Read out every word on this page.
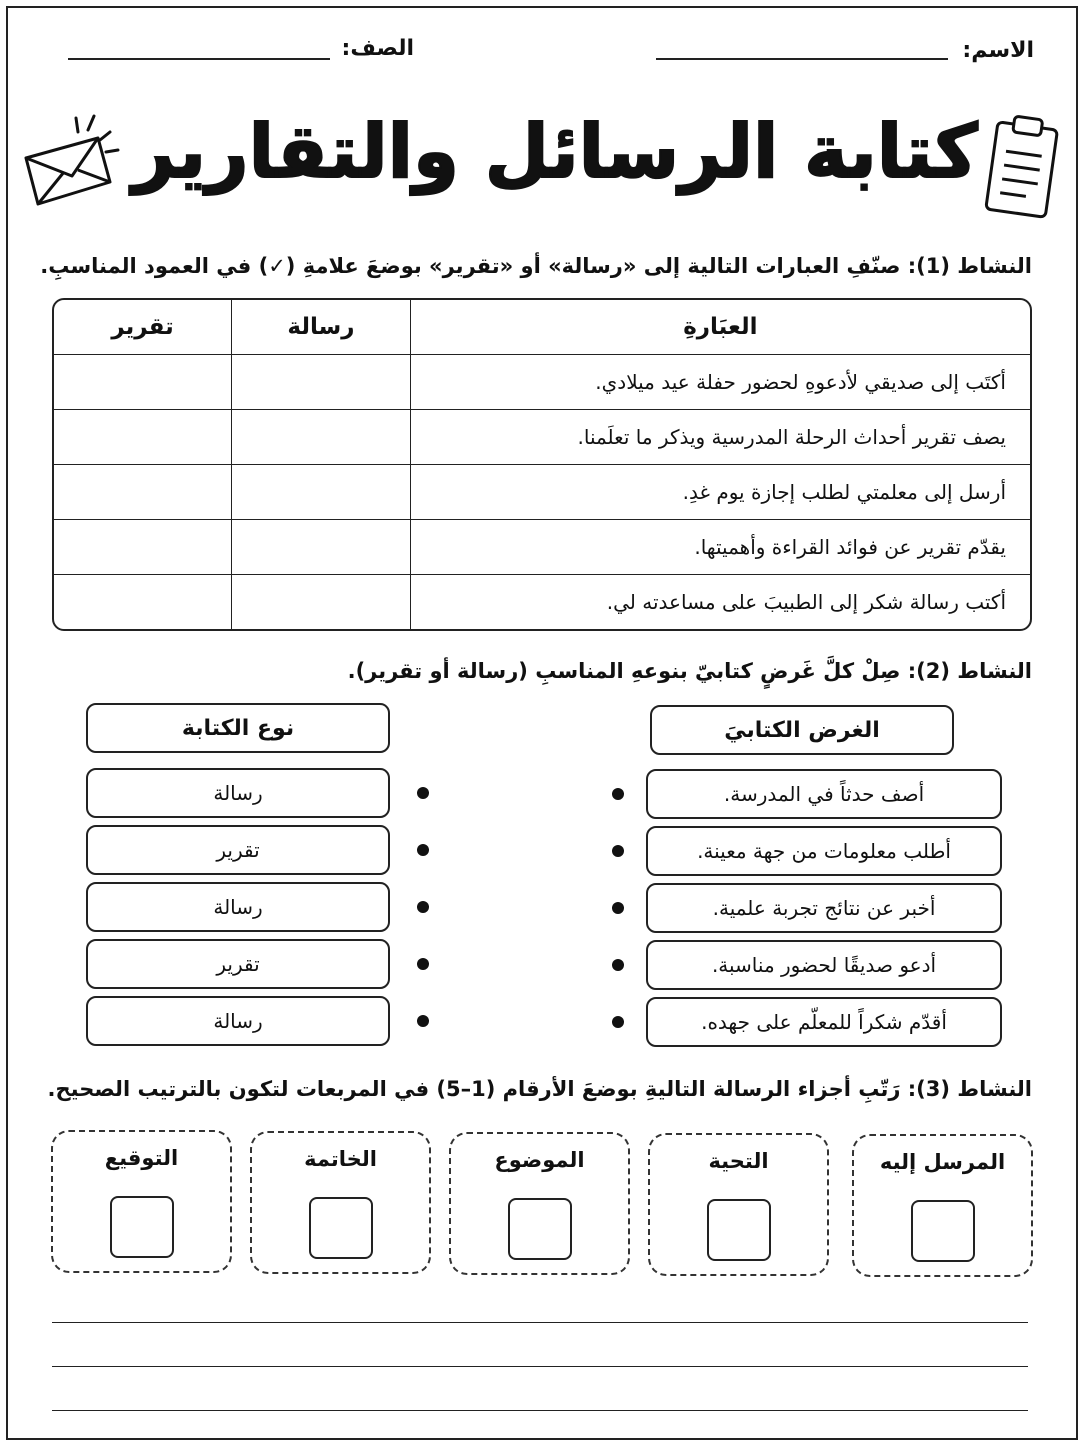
الاسم:
الصف:
كتابة الرسائل والتقارير
النشاط (1): صنّفِ العبارات التالية إلى «رسالة» أو «تقرير» بوضعَ علامةِ (✓) في العمود المناسبِ.
العبَارةِ	رسالة	تقرير
أكتَب إلى صديقي لأدعوهِ لحضور حفلة عيد ميلادي.		
يصف تقرير أحداث الرحلة المدرسية ويذكر ما تعلَمنا.		
أرسل إلى معلمتي لطلب إجازة يوم غدِ.		
يقدّم تقرير عن فوائد القراءة وأهميتها.		
أكتب رسالة شكر إلى الطبيبَ على مساعدته لي.		
النشاط (2): صِلْ كلَّ غَرضٍ كتابيّ بنوعهِ المناسبِ (رسالة أو تقرير).
الغرض الكتابيَ
نوع الكتابة
أصف حدثاً في المدرسة.
أطلب معلومات من جهة معينة.
أخبر عن نتائج تجربة علمية.
أدعو صديقًا لحضور مناسبة.
أقدّم شكراً للمعلّم على جهده.
رسالة
تقرير
رسالة
تقرير
رسالة
النشاط (3): رَتّبِ أجزاء الرسالة التاليةِ بوضعَ الأرقام (1–5) في المربعات لتكون بالترتيب الصحيح.
المرسل إليه
التحية
الموضوع
الخاتمة
التوقيع
